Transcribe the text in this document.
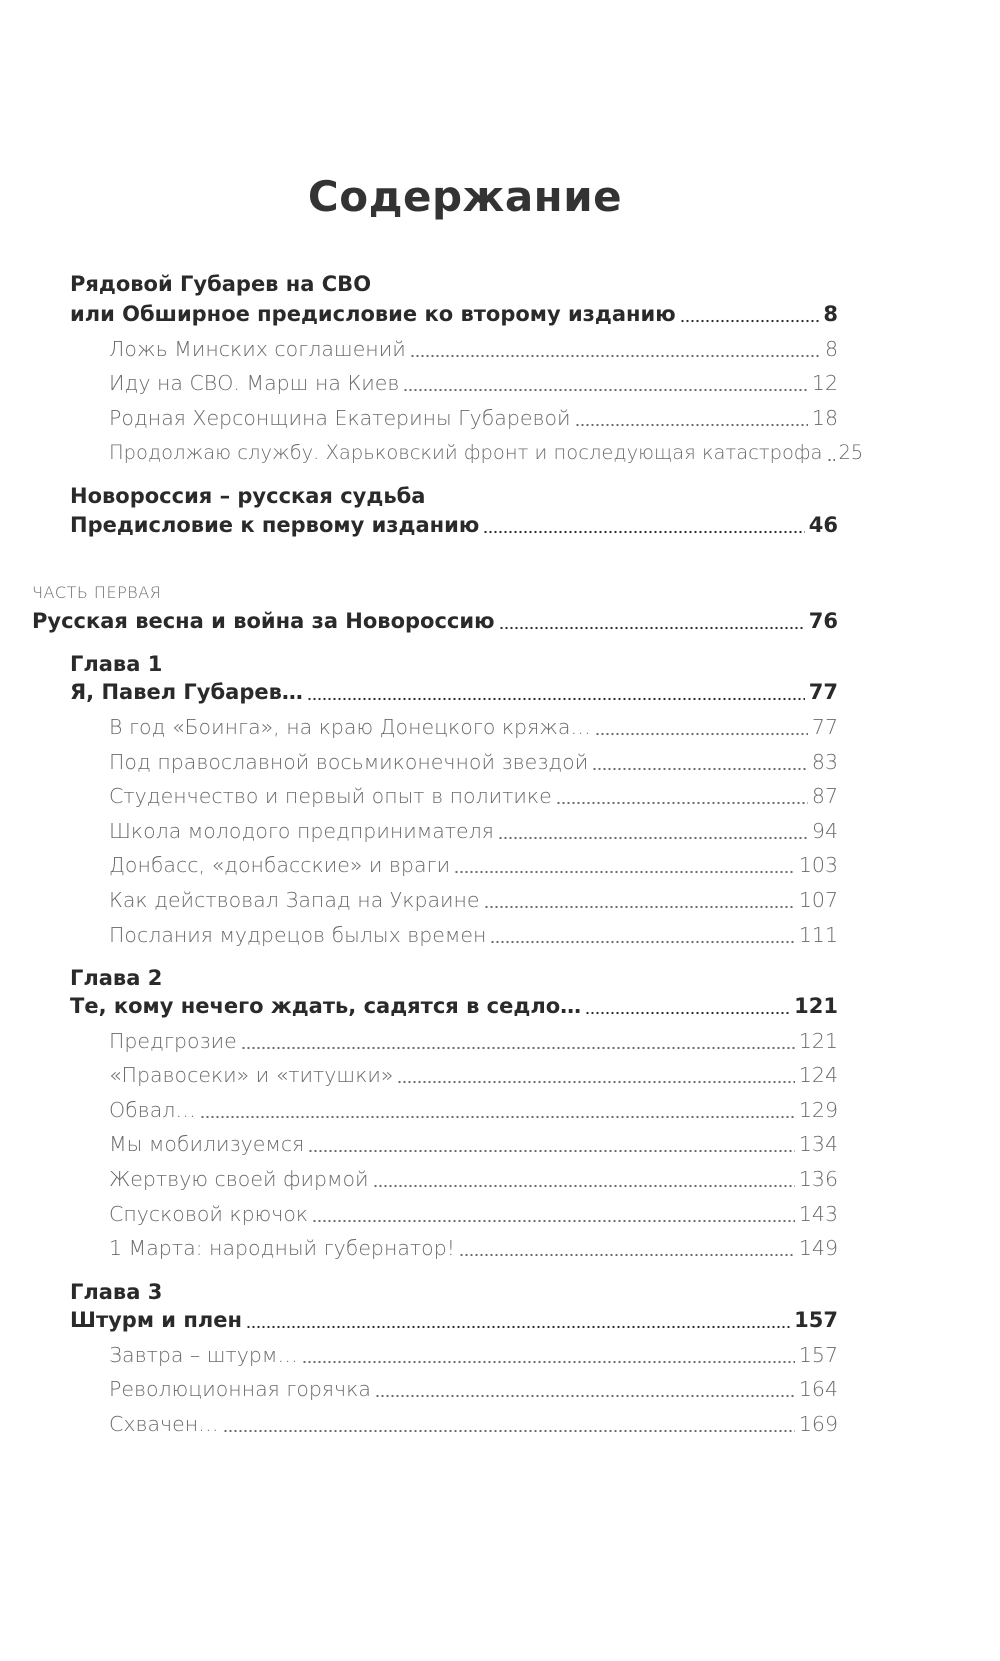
Содержание
Рядовой Губарев на СВО
или Обширное предисловие ко второму изданию	8
Ложь Минских соглашений	8
Иду на СВО. Марш на Киев	12
Родная Херсонщина Екатерины Губаревой	18
Продолжаю службу. Харьковский фронт и последующая катастрофа 25
Новороссия – русская судьба
Предисловие к первому изданию	46
ЧАСТЬ ПЕРВАЯ
Русская весна и война за Новороссию	76
Глава 1
Я, Павел Губарев…	77
В год «Боинга», на краю Донецкого кряжа…	77
Под православной восьмиконечной звездой	83
Студенчество и первый опыт в политике	87
Школа молодого предпринимателя	94
Донбасс, «донбасские» и враги	103
Как действовал Запад на Украине	107
Послания мудрецов былых времен	111
Глава 2
Те, кому нечего ждать, садятся в седло…	121
Предгрозие	121
«Правосеки» и «титушки»	124
Обвал…	129
Мы мобилизуемся	134
Жертвую своей фирмой	136
Спусковой крючок	143
1 Марта: народный губернатор!	149
Глава 3
Штурм и плен	157
Завтра – штурм…	157
Революционная горячка	164
Схвачен…	169
